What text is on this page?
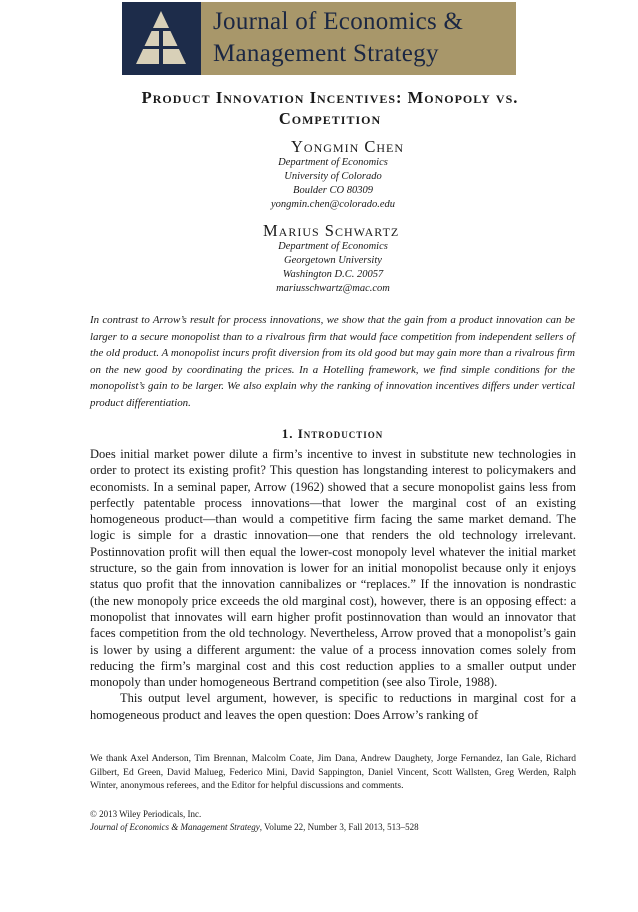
Journal of Economics &
Management Strategy
Product Innovation Incentives: Monopoly vs. Competition
Yongmin Chen
Department of Economics
University of Colorado
Boulder CO 80309
yongmin.chen@colorado.edu
Marius Schwartz
Department of Economics
Georgetown University
Washington D.C. 20057
mariusschwartz@mac.com
In contrast to Arrow’s result for process innovations, we show that the gain from a product innovation can be larger to a secure monopolist than to a rivalrous firm that would face competition from independent sellers of the old product. A monopolist incurs profit diversion from its old good but may gain more than a rivalrous firm on the new good by coordinating the prices. In a Hotelling framework, we find simple conditions for the monopolist’s gain to be larger. We also explain why the ranking of innovation incentives differs under vertical product differentiation.
1. Introduction

Does initial market power dilute a firm’s incentive to invest in substitute new technologies in order to protect its existing profit? This question has longstanding interest to policymakers and economists. In a seminal paper, Arrow (1962) showed that a secure monopolist gains less from perfectly patentable process innovations—that lower the marginal cost of an existing homogeneous product—than would a competitive firm facing the same market demand. The logic is simple for a drastic innovation—one that renders the old technology irrelevant. Postinnovation profit will then equal the lower-cost monopoly level whatever the initial market structure, so the gain from innovation is lower for an initial monopolist because only it enjoys status quo profit that the innovation cannibalizes or “replaces.” If the innovation is nondrastic (the new monopoly price exceeds the old marginal cost), however, there is an opposing effect: a monopolist that innovates will earn higher profit postinnovation than would an innovator that faces competition from the old technology. Nevertheless, Arrow proved that a monopolist’s gain is lower by using a different argument: the value of a process innovation comes solely from reducing the firm’s marginal cost and this cost reduction applies to a smaller output under monopoly than under homogeneous Bertrand competition (see also Tirole, 1988).

This output level argument, however, is specific to reductions in marginal cost for a homogeneous product and leaves the open question: Does Arrow’s ranking of

We thank Axel Anderson, Tim Brennan, Malcolm Coate, Jim Dana, Andrew Daughety, Jorge Fernandez, Ian Gale, Richard Gilbert, Ed Green, David Malueg, Federico Mini, David Sappington, Daniel Vincent, Scott Wallsten, Greg Werden, Ralph Winter, anonymous referees, and the Editor for helpful discussions and comments.
© 2013 Wiley Periodicals, Inc.
Journal of Economics & Management Strategy, Volume 22, Number 3, Fall 2013, 513–528
